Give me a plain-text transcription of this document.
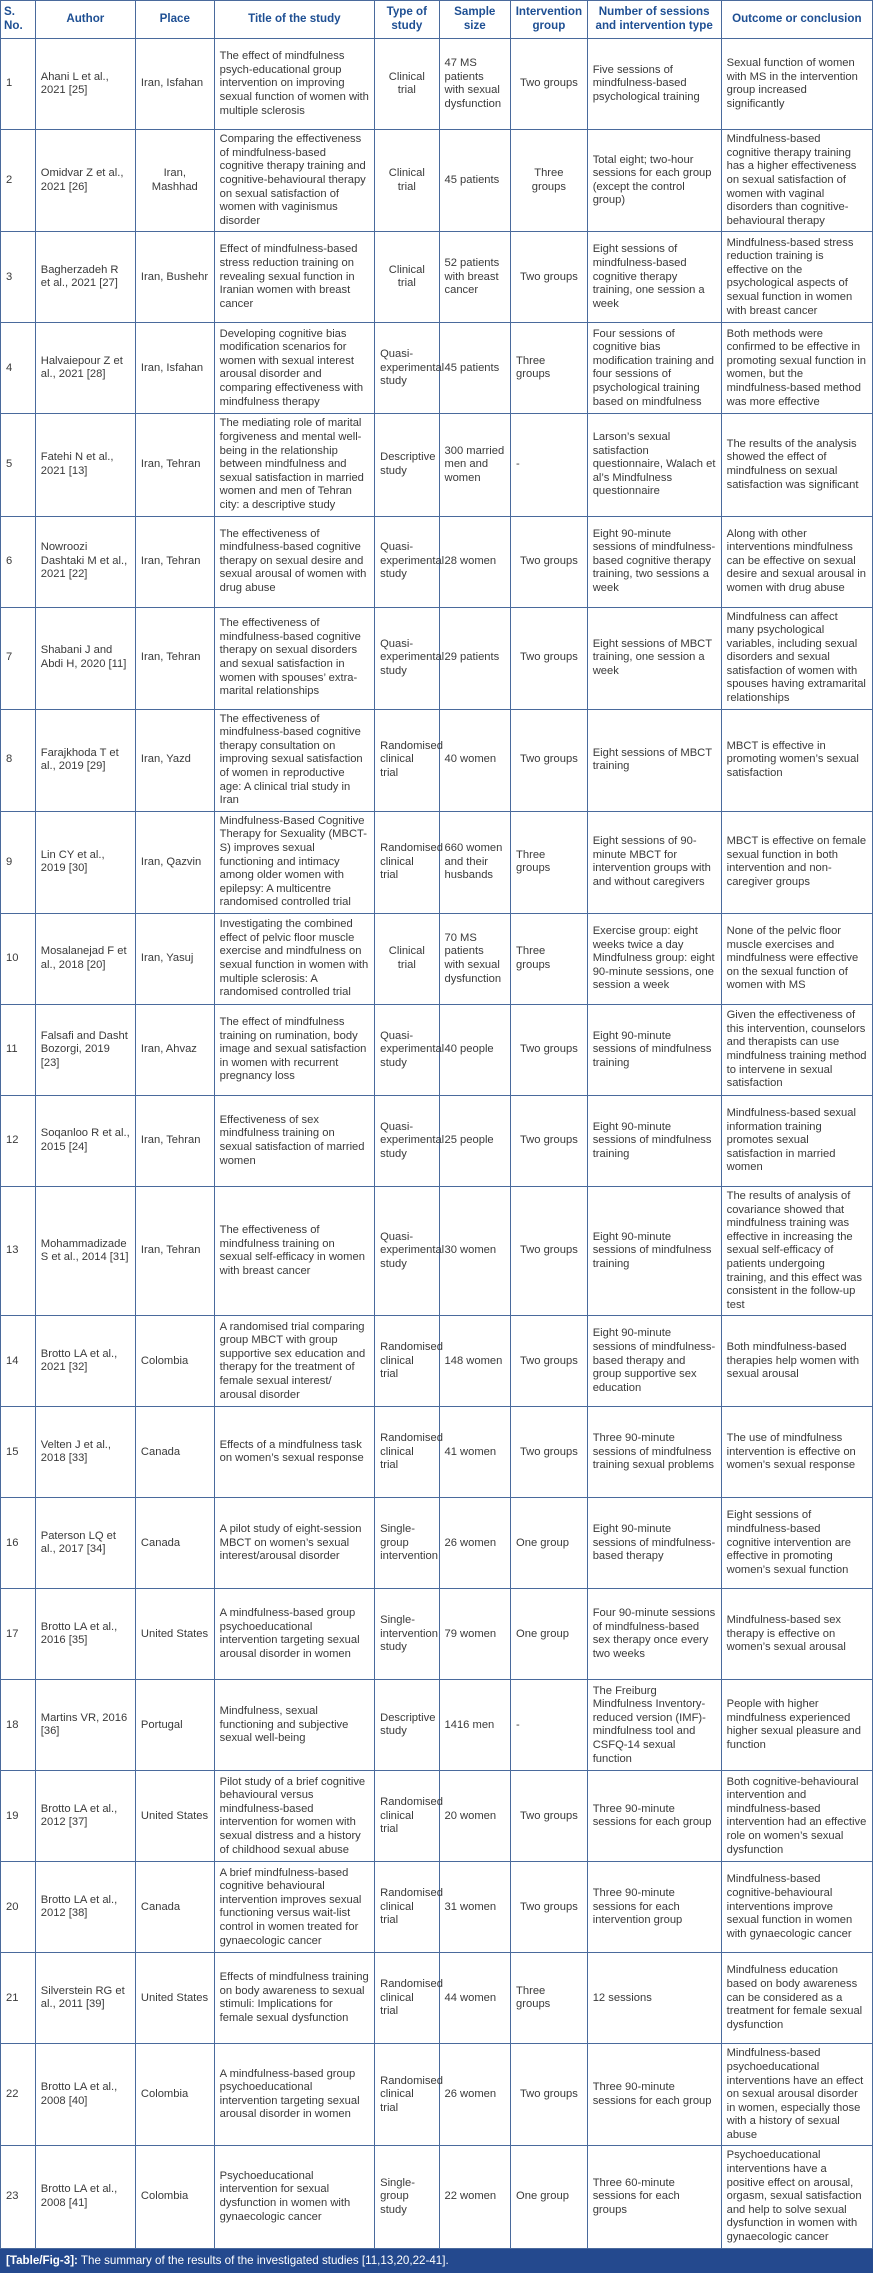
S. No.	Author	Place	Title of the study	Type of study	Sample size	Intervention group	Number of sessions and intervention type	Outcome or conclusion
1	Ahani L et al., 2021 [25]	Iran, Isfahan	The effect of mindfulness psych-educational group intervention on improving sexual function of women with multiple sclerosis	Clinical trial	47 MS patients with sexual dysfunction	Two groups	Five sessions of mindfulness-based psychological training	Sexual function of women with MS in the intervention group increased significantly
2	Omidvar Z et al., 2021 [26]	Iran, Mashhad	Comparing the effectiveness of mindfulness-based cognitive therapy training and cognitive-behavioural therapy on sexual satisfaction of women with vaginismus disorder	Clinical trial	45 patients	Three groups	Total eight; two-hour sessions for each group (except the control group)	Mindfulness-based cognitive therapy training has a higher effectiveness on sexual satisfaction of women with vaginal disorders than cognitive-behavioural therapy
3	Bagherzadeh R et al., 2021 [27]	Iran, Bushehr	Effect of mindfulness-based stress reduction training on revealing sexual function in Iranian women with breast cancer	Clinical trial	52 patients with breast cancer	Two groups	Eight sessions of mindfulness-based cognitive therapy training, one session a week	Mindfulness-based stress reduction training is effective on the psychological aspects of sexual function in women with breast cancer
4	Halvaiepour Z et al., 2021 [28]	Iran, Isfahan	Developing cognitive bias modification scenarios for women with sexual interest arousal disorder and comparing effectiveness with mindfulness therapy	Quasi-experimental study	45 patients	Three groups	Four sessions of cognitive bias modification training and four sessions of psychological training based on mindfulness	Both methods were confirmed to be effective in promoting sexual function in women, but the mindfulness-based method was more effective
5	Fatehi N et al., 2021 [13]	Iran, Tehran	The mediating role of marital forgiveness and mental well-being in the relationship between mindfulness and sexual satisfaction in married women and men of Tehran city: a descriptive study	Descriptive study	300 married men and women	-	Larson’s sexual satisfaction questionnaire, Walach et al’s Mindfulness questionnaire	The results of the analysis showed the effect of mindfulness on sexual satisfaction was significant
6	Nowroozi Dashtaki M et al., 2021 [22]	Iran, Tehran	The effectiveness of mindfulness-based cognitive therapy on sexual desire and sexual arousal of women with drug abuse	Quasi-experimental study	28 women	Two groups	Eight 90-minute sessions of mindfulness-based cognitive therapy training, two sessions a week	Along with other interventions mindfulness can be effective on sexual desire and sexual arousal in women with drug abuse
7	Shabani J and Abdi H, 2020 [11]	Iran, Tehran	The effectiveness of mindfulness-based cognitive therapy on sexual disorders and sexual satisfaction in women with spouses’ extra-marital relationships	Quasi-experimental study	29 patients	Two groups	Eight sessions of MBCT training, one session a week	Mindfulness can affect many psychological variables, including sexual disorders and sexual satisfaction of women with spouses having extramarital relationships
8	Farajkhoda T et al., 2019 [29]	Iran, Yazd	The effectiveness of mindfulness-based cognitive therapy consultation on improving sexual satisfaction of women in reproductive age: A clinical trial study in Iran	Randomised clinical trial	40 women	Two groups	Eight sessions of MBCT training	MBCT is effective in promoting women’s sexual satisfaction
9	Lin CY et al., 2019 [30]	Iran, Qazvin	Mindfulness-Based Cognitive Therapy for Sexuality (MBCT-S) improves sexual functioning and intimacy among older women with epilepsy: A multicentre randomised controlled trial	Randomised clinical trial	660 women and their husbands	Three groups	Eight sessions of 90-minute MBCT for intervention groups with and without caregivers	MBCT is effective on female sexual function in both intervention and non-caregiver groups
10	Mosalanejad F et al., 2018 [20]	Iran, Yasuj	Investigating the combined effect of pelvic floor muscle exercise and mindfulness on sexual function in women with multiple sclerosis: A randomised controlled trial	Clinical trial	70 MS patients with sexual dysfunction	Three groups	Exercise group: eight weeks twice a day Mindfulness group: eight 90-minute sessions, one session a week	None of the pelvic floor muscle exercises and mindfulness were effective on the sexual function of women with MS
11	Falsafi and Dasht Bozorgi, 2019 [23]	Iran, Ahvaz	The effect of mindfulness training on rumination, body image and sexual satisfaction in women with recurrent pregnancy loss	Quasi-experimental study	40 people	Two groups	Eight 90-minute sessions of mindfulness training	Given the effectiveness of this intervention, counselors and therapists can use mindfulness training method to intervene in sexual satisfaction
12	Soqanloo R et al., 2015 [24]	Iran, Tehran	Effectiveness of sex mindfulness training on sexual satisfaction of married women	Quasi-experimental study	25 people	Two groups	Eight 90-minute sessions of mindfulness training	Mindfulness-based sexual information training promotes sexual satisfaction in married women
13	Mohammadizade S et al., 2014 [31]	Iran, Tehran	The effectiveness of mindfulness training on sexual self-efficacy in women with breast cancer	Quasi-experimental study	30 women	Two groups	Eight 90-minute sessions of mindfulness training	The results of analysis of covariance showed that mindfulness training was effective in increasing the sexual self-efficacy of patients undergoing training, and this effect was consistent in the follow-up test
14	Brotto LA et al., 2021 [32]	Colombia	A randomised trial comparing group MBCT with group supportive sex education and therapy for the treatment of female sexual interest/ arousal disorder	Randomised clinical trial	148 women	Two groups	Eight 90-minute sessions of mindfulness-based therapy and group supportive sex education	Both mindfulness-based therapies help women with sexual arousal
15	Velten J et al., 2018 [33]	Canada	Effects of a mindfulness task on women’s sexual response	Randomised clinical trial	41 women	Two groups	Three 90-minute sessions of mindfulness training sexual problems	The use of mindfulness intervention is effective on women’s sexual response
16	Paterson LQ et al., 2017 [34]	Canada	A pilot study of eight-session MBCT on women’s sexual interest/arousal disorder	Single-group intervention	26 women	One group	Eight 90-minute sessions of mindfulness-based therapy	Eight sessions of mindfulness-based cognitive intervention are effective in promoting women’s sexual function
17	Brotto LA et al., 2016 [35]	United States	A mindfulness-based group psychoeducational intervention targeting sexual arousal disorder in women	Single-intervention study	79 women	One group	Four 90-minute sessions of mindfulness-based sex therapy once every two weeks	Mindfulness-based sex therapy is effective on women’s sexual arousal
18	Martins VR, 2016 [36]	Portugal	Mindfulness, sexual functioning and subjective sexual well-being	Descriptive study	1416 men	-	The Freiburg Mindfulness Inventory-reduced version (IMF)- mindfulness tool and CSFQ-14 sexual function	People with higher mindfulness experienced higher sexual pleasure and function
19	Brotto LA et al., 2012 [37]	United States	Pilot study of a brief cognitive behavioural versus mindfulness-based intervention for women with sexual distress and a history of childhood sexual abuse	Randomised clinical trial	20 women	Two groups	Three 90-minute sessions for each group	Both cognitive-behavioural intervention and mindfulness-based intervention had an effective role on women’s sexual dysfunction
20	Brotto LA et al., 2012 [38]	Canada	A brief mindfulness-based cognitive behavioural intervention improves sexual functioning versus wait-list control in women treated for gynaecologic cancer	Randomised clinical trial	31 women	Two groups	Three 90-minute sessions for each intervention group	Mindfulness-based cognitive-behavioural interventions improve sexual function in women with gynaecologic cancer
21	Silverstein RG et al., 2011 [39]	United States	Effects of mindfulness training on body awareness to sexual stimuli: Implications for female sexual dysfunction	Randomised clinical trial	44 women	Three groups	12 sessions	Mindfulness education based on body awareness can be considered as a treatment for female sexual dysfunction
22	Brotto LA et al., 2008 [40]	Colombia	A mindfulness-based group psychoeducational intervention targeting sexual arousal disorder in women	Randomised clinical trial	26 women	Two groups	Three 90-minute sessions for each group	Mindfulness-based psychoeducational interventions have an effect on sexual arousal disorder in women, especially those with a history of sexual abuse
23	Brotto LA et al., 2008 [41]	Colombia	Psychoeducational intervention for sexual dysfunction in women with gynaecologic cancer	Single-group study	22 women	One group	Three 60-minute sessions for each groups	Psychoeducational interventions have a positive effect on arousal, orgasm, sexual satisfaction and help to solve sexual dysfunction in women with gynaecologic cancer
[Table/Fig-3]: The summary of the results of the investigated studies [11,13,20,22-41].
